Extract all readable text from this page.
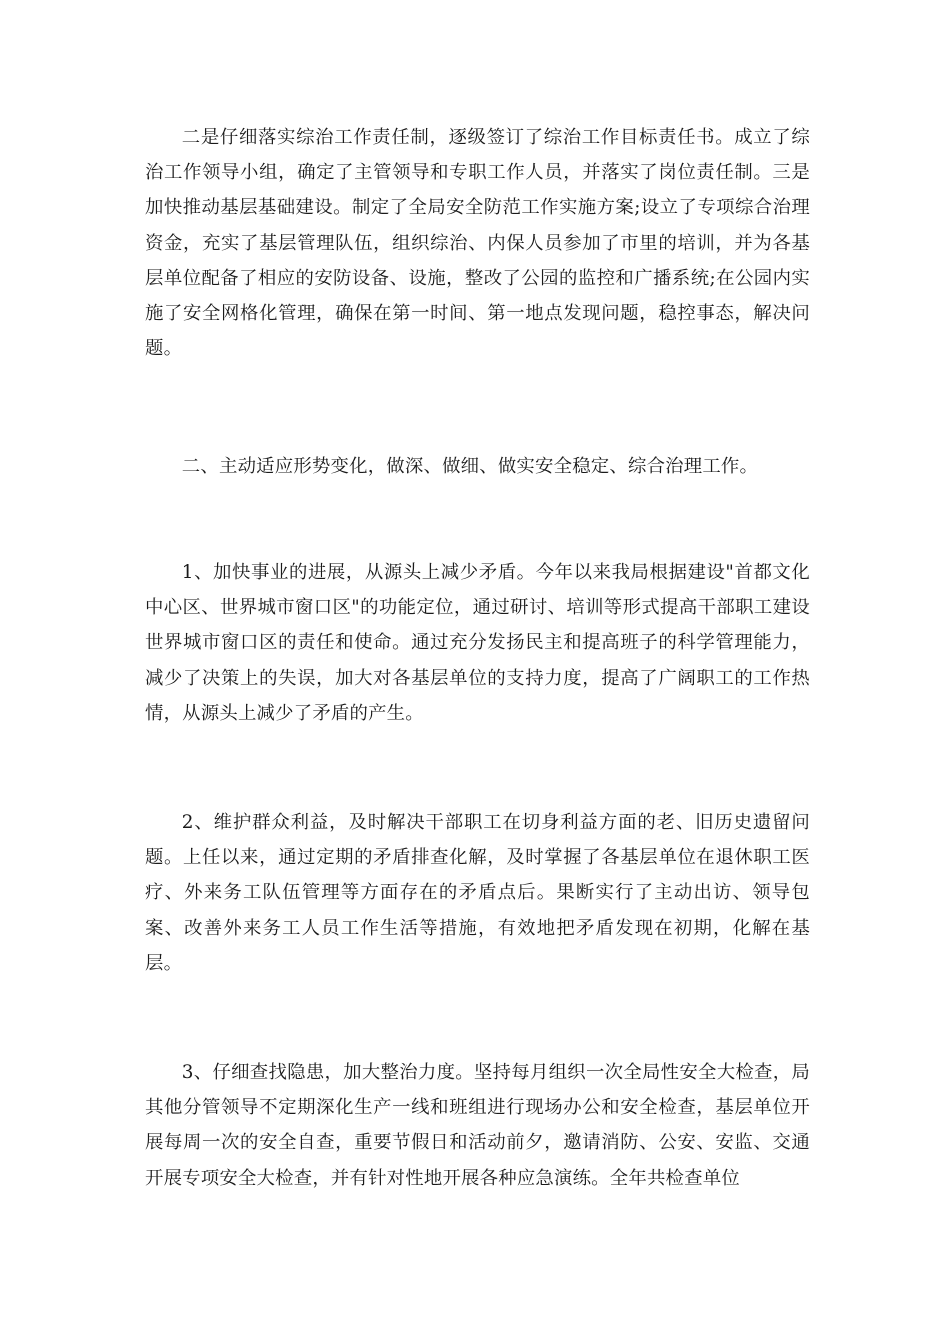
二是仔细落实综治工作责任制，逐级签订了综治工作目标责任书。成立了综治工作领导小组，确定了主管领导和专职工作人员，并落实了岗位责任制。三是加快推动基层基础建设。制定了全局安全防范工作实施方案;设立了专项综合治理资金，充实了基层管理队伍，组织综治、内保人员参加了市里的培训，并为各基层单位配备了相应的安防设备、设施，整改了公园的监控和广播系统;在公园内实施了安全网格化管理，确保在第一时间、第一地点发现问题，稳控事态，解决问题。

二、主动适应形势变化，做深、做细、做实安全稳定、综合治理工作。

1、加快事业的进展，从源头上减少矛盾。今年以来我局根据建设"首都文化中心区、世界城市窗口区"的功能定位，通过研讨、培训等形式提高干部职工建设世界城市窗口区的责任和使命。通过充分发扬民主和提高班子的科学管理能力，减少了决策上的失误，加大对各基层单位的支持力度，提高了广阔职工的工作热情，从源头上减少了矛盾的产生。

2、维护群众利益，及时解决干部职工在切身利益方面的老、旧历史遗留问题。上任以来，通过定期的矛盾排查化解，及时掌握了各基层单位在退休职工医疗、外来务工队伍管理等方面存在的矛盾点后。果断实行了主动出访、领导包案、改善外来务工人员工作生活等措施，有效地把矛盾发现在初期，化解在基层。

3、仔细查找隐患，加大整治力度。坚持每月组织一次全局性安全大检查，局其他分管领导不定期深化生产一线和班组进行现场办公和安全检查，基层单位开展每周一次的安全自查，重要节假日和活动前夕，邀请消防、公安、安监、交通开展专项安全大检查，并有针对性地开展各种应急演练。全年共检查单位
